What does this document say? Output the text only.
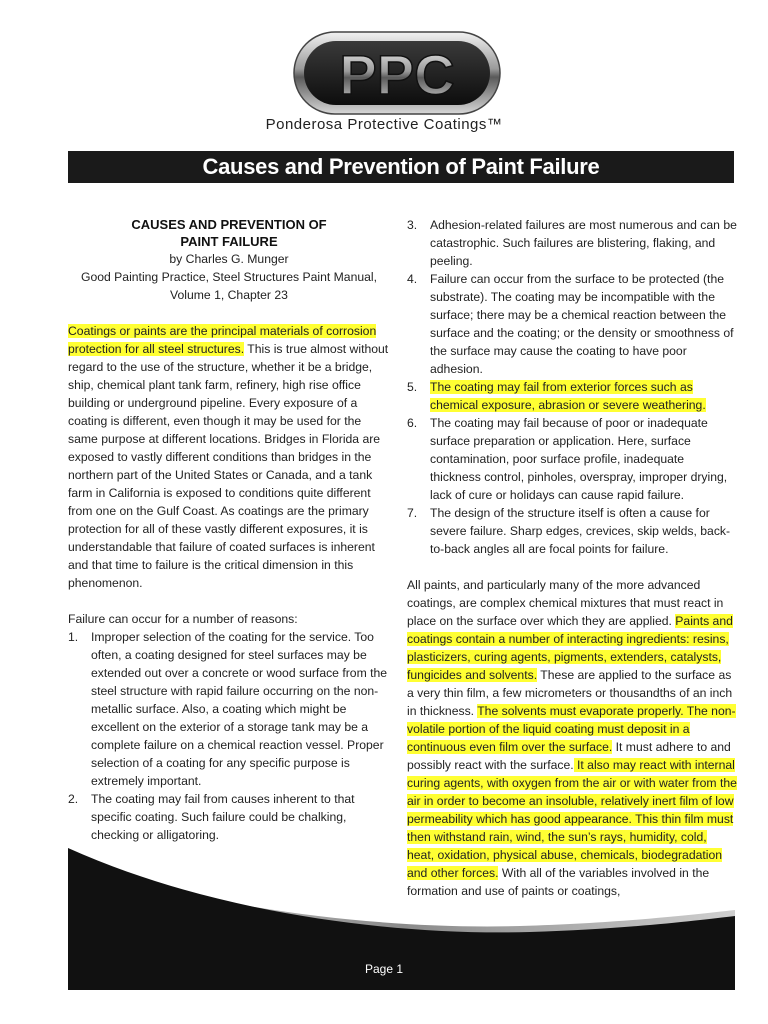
PPC
Ponderosa Protective Coatings™
Causes and Prevention of Paint Failure
CAUSES AND PREVENTION OF
PAINT FAILURE
by Charles G. Munger
Good Painting Practice, Steel Structures Paint Manual,
Volume 1, Chapter 23

Coatings or paints are the principal materials of corrosion protection for all steel structures. This is true almost without regard to the use of the structure, whether it be a bridge, ship, chemical plant tank farm, refinery, high rise office building or underground pipeline. Every exposure of a coating is different, even though it may be used for the same purpose at different locations. Bridges in Florida are exposed to vastly different conditions than bridges in the northern part of the United States or Canada, and a tank farm in California is exposed to conditions quite different from one on the Gulf Coast. As coatings are the primary protection for all of these vastly different exposures, it is understandable that failure of coated surfaces is inherent and that time to failure is the critical dimension in this phenomenon.

Failure can occur for a number of reasons:

1. Improper selection of the coating for the service. Too often, a coating designed for steel surfaces may be extended out over a concrete or wood surface from the steel structure with rapid failure occurring on the non-metallic surface. Also, a coating which might be excellent on the exterior of a storage tank may be a complete failure on a chemical reaction vessel. Proper selection of a coating for any specific purpose is extremely important.
2. The coating may fail from causes inherent to that specific coating. Such failure could be chalking, checking or alligatoring.
3. Adhesion-related failures are most numerous and can be catastrophic. Such failures are blistering, flaking, and peeling.
4. Failure can occur from the surface to be protected (the substrate). The coating may be incompatible with the surface; there may be a chemical reaction between the surface and the coating; or the density or smoothness of the surface may cause the coating to have poor adhesion.
5. The coating may fail from exterior forces such as chemical exposure, abrasion or severe weathering.
6. The coating may fail because of poor or inadequate surface preparation or application. Here, surface contamination, poor surface profile, inadequate thickness control, pinholes, overspray, improper drying, lack of cure or holidays can cause rapid failure.
7. The design of the structure itself is often a cause for severe failure. Sharp edges, crevices, skip welds, back-to-back angles all are focal points for failure.

All paints, and particularly many of the more advanced coatings, are complex chemical mixtures that must react in place on the surface over which they are applied. Paints and coatings contain a number of interacting ingredients: resins, plasticizers, curing agents, pigments, extenders, catalysts, fungicides and solvents. These are applied to the surface as a very thin film, a few micrometers or thousandths of an inch in thickness. The solvents must evaporate properly. The non-volatile portion of the liquid coating must deposit in a continuous even film over the surface. It must adhere to and possibly react with the surface. It also may react with internal curing agents, with oxygen from the air or with water from the air in order to become an insoluble, relatively inert film of low permeability which has good appearance. This thin film must then withstand rain, wind, the sun’s rays, humidity, cold, heat, oxidation, physical abuse, chemicals, biodegradation and other forces. With all of the variables involved in the formation and use of paints or coatings,

Page 1
